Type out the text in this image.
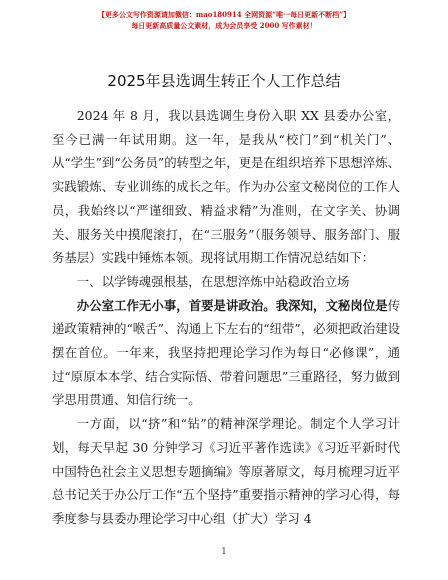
【更多公文写作资源请加微信：mao180914 全网资源“唯一每日更新不断档”】
每日更新高质量公文素材，成为会员享受 2000 写作素材！
2025年县选调生转正个人工作总结

2024 年 8 月，我以县选调生身份入职 XX 县委办公室，至今已满一年试用期。这一年，是我从“校门”到“机关门”、从“学生”到“公务员”的转型之年，更是在组织培养下思想淬炼、实践锻炼、专业训练的成长之年。作为办公室文秘岗位的工作人员，我始终以“严谨细致、精益求精”为准则，在文字关、协调关、服务关中摸爬滚打，在“三服务”（服务领导、服务部门、服务基层）实践中锤炼本领。现将试用期工作情况总结如下：

一、以学铸魂强根基，在思想淬炼中站稳政治立场

办公室工作无小事，首要是讲政治。我深知，文秘岗位是传递政策精神的“喉舌”、沟通上下左右的“纽带”，必须把政治建设摆在首位。一年来，我坚持把理论学习作为每日“必修课”，通过“原原本本学、结合实际悟、带着问题思”三重路径，努力做到学思用贯通、知信行统一。

一方面，以“挤”和“钻”的精神深学理论。制定个人学习计划，每天早起 30 分钟学习《习近平著作选读》《习近平新时代中国特色社会主义思想专题摘编》等原著原文，每月梳理习近平总书记关于办公厅工作“五个坚持”重要指示精神的学习心得，每季度参与县委办理论学习中心组（扩大）学习 4

1
